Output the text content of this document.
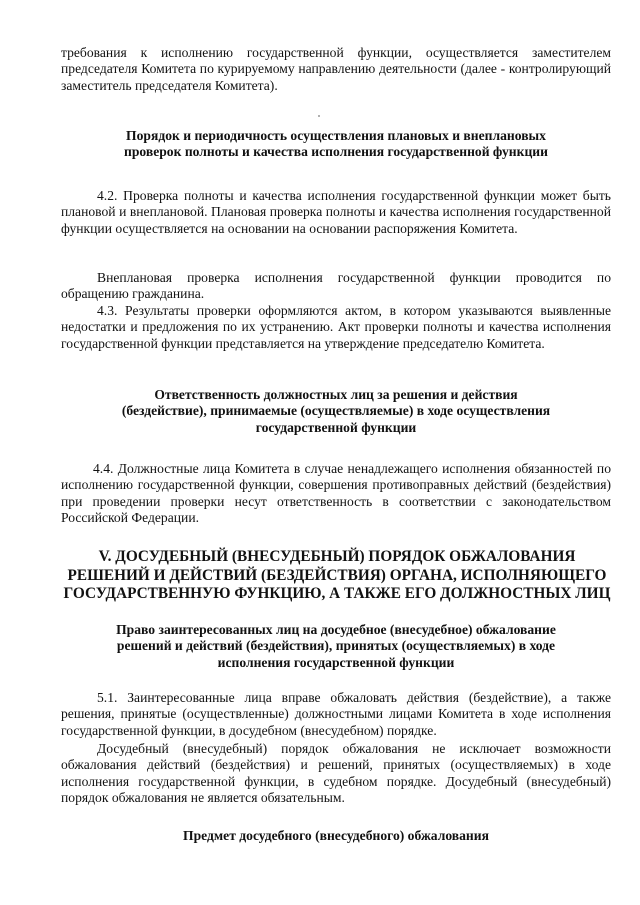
требования к исполнению государственной функции, осуществляется заместителем председателя Комитета по курируемому направлению деятельности (далее - контролирующий заместитель председателя Комитета).

Порядок и периодичность осуществления плановых и внеплановых проверок полноты и качества исполнения государственной функции

4.2. Проверка полноты и качества исполнения государственной функции может быть плановой и внеплановой. Плановая проверка полноты и качества исполнения государственной функции осуществляется на основании на основании распоряжения Комитета.

Внеплановая проверка исполнения государственной функции проводится по обращению гражданина.

4.3. Результаты проверки оформляются актом, в котором указываются выявленные недостатки и предложения по их устранению. Акт проверки полноты и качества исполнения государственной функции представляется на утверждение председателю Комитета.

Ответственность должностных лиц за решения и действия (бездействие), принимаемые (осуществляемые) в ходе осуществления государственной функции

4.4. Должностные лица Комитета в случае ненадлежащего исполнения обязанностей по исполнению государственной функции, совершения противоправных действий (бездействия) при проведении проверки несут ответственность в соответствии с законодательством Российской Федерации.

V. ДОСУДЕБНЫЙ (ВНЕСУДЕБНЫЙ) ПОРЯДОК ОБЖАЛОВАНИЯ РЕШЕНИЙ И ДЕЙСТВИЙ (БЕЗДЕЙСТВИЯ) ОРГАНА, ИСПОЛНЯЮЩЕГО ГОСУДАРСТВЕННУЮ ФУНКЦИЮ, А ТАКЖЕ ЕГО ДОЛЖНОСТНЫХ ЛИЦ

Право заинтересованных лиц на досудебное (внесудебное) обжалование решений и действий (бездействия), принятых (осуществляемых) в ходе исполнения государственной функции

5.1. Заинтересованные лица вправе обжаловать действия (бездействие), а также решения, принятые (осуществленные) должностными лицами Комитета в ходе исполнения государственной функции, в досудебном (внесудебном) порядке.

Досудебный (внесудебный) порядок обжалования не исключает возможности обжалования действий (бездействия) и решений, принятых (осуществляемых) в ходе исполнения государственной функции, в судебном порядке. Досудебный (внесудебный) порядок обжалования не является обязательным.

Предмет досудебного (внесудебного) обжалования
